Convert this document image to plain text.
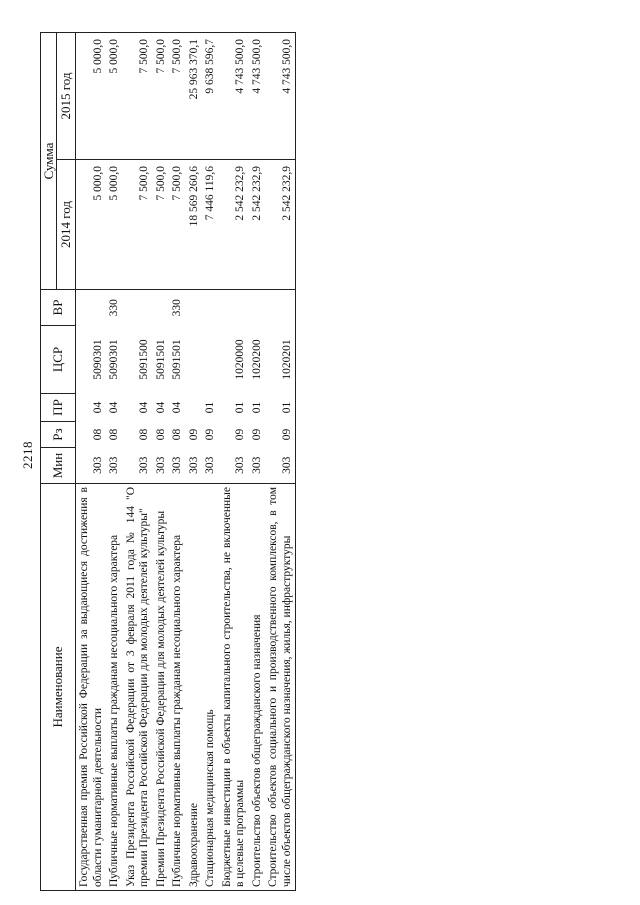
2218
Наименование	Мин	Рз	ПР	ЦСР	ВР	Сумма	
						2014 год	2015 год
Государственная премия Российской Федерации за выдающиеся достижения в области гуманитарной деятельности	303	08	04	5090301		5 000,0	5 000,0
Публичные нормативные выплаты гражданам несоциального характера	303	08	04	5090301	330	5 000,0	5 000,0
Указ Президента Российской Федерации от 3 февраля 2011 года № 144 "О премии Президента Российской Федерации для молодых деятелей культуры"	303	08	04	5091500		7 500,0	7 500,0
Премии Президента Российской Федерации для молодых деятелей культуры	303	08	04	5091501		7 500,0	7 500,0
Публичные нормативные выплаты гражданам несоциального характера	303	08	04	5091501	330	7 500,0	7 500,0
Здравоохранение	303	09				18 569 260,6	25 963 370,1
Стационарная медицинская помощь	303	09	01			7 446 119,6	9 638 596,7
Бюджетные инвестиции в объекты капитального строительства, не включенные в целевые программы	303	09	01	1020000		2 542 232,9	4 743 500,0
Строительство объектов общегражданского назначения	303	09	01	1020200		2 542 232,9	4 743 500,0
Строительство объектов социального и производственного комплексов, в том числе объектов общегражданского назначения, жилья, инфраструктуры	303	09	01	1020201		2 542 232,9	4 743 500,0
